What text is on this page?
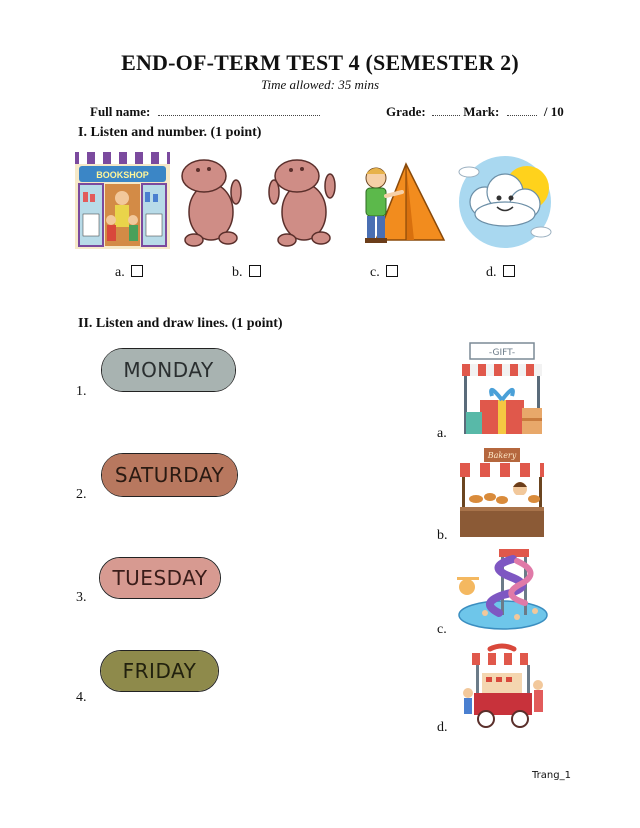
END-OF-TERM TEST 4 (SEMESTER 2)
Time allowed: 35 mins
Full name:	Grade:	Mark:	/ 10
I. Listen and number. (1 point)
BOOKSHOP
a.	b.	c.	d.
II. Listen and draw lines. (1 point)
1.
MONDAY
2.
SATURDAY
3.
TUESDAY
4.
FRIDAY
a.
-GIFT-
b.
Bakery
c.
d.
Trang_1
